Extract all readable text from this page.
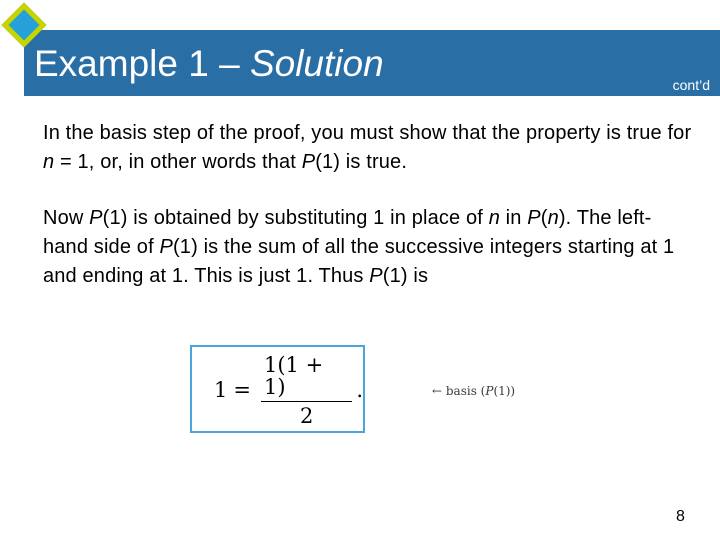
Example 1 – Solution
cont’d
In the basis step of the proof, you must show that the property is true for n = 1, or, in other words that P(1) is true.
Now P(1) is obtained by substituting 1 in place of n in P(n). The left-hand side of P(1) is the sum of all the successive integers starting at 1 and ending at 1. This is just 1. Thus P(1) is
$1 = \frac{1(1 + 1)}{2}$ .	← basis (P(1))
8
